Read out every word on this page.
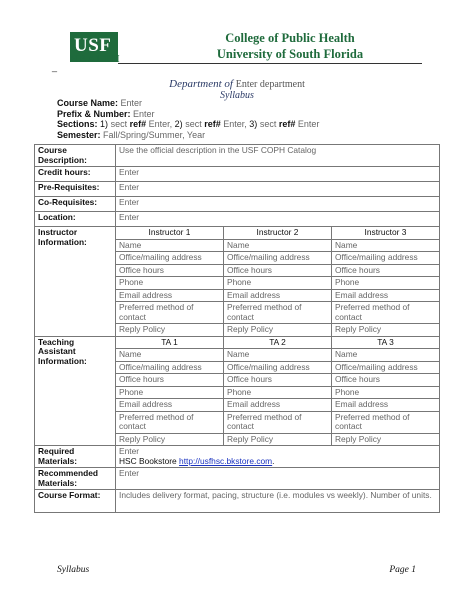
USF
HEALTH
_
College of Public Health
University of South Florida
Department of Enter department
Syllabus
Course Name: Enter
Prefix & Number: Enter
Sections: 1) sect ref# Enter, 2) sect ref# Enter, 3) sect ref# Enter
Semester: Fall/Spring/Summer, Year
Course Description:	Use the official description in the USF COPH Catalog		
Credit hours:	Enter		
Pre-Requisites:	Enter		
Co-Requisites:	Enter		
Location:	Enter		
Instructor Information:	Instructor 1	Instructor 2	Instructor 3
	Name	Name	Name
	Office/mailing address	Office/mailing address	Office/mailing address
	Office hours	Office hours	Office hours
	Phone	Phone	Phone
	Email address	Email address	Email address
	Preferred method of contact	Preferred method of contact	Preferred method of contact
	Reply Policy	Reply Policy	Reply Policy
Teaching Assistant Information:	TA 1	TA 2	TA 3
	Name	Name	Name
	Office/mailing address	Office/mailing address	Office/mailing address
	Office hours	Office hours	Office hours
	Phone	Phone	Phone
	Email address	Email address	Email address
	Preferred method of contact	Preferred method of contact	Preferred method of contact
	Reply Policy	Reply Policy	Reply Policy
Required Materials:	Enter
HSC Bookstore http://usfhsc.bkstore.com.		

Recommended Materials:	Enter		
Course Format:	Includes delivery format, pacing, structure (i.e. modules vs weekly). Number of units.		
Syllabus	Page 1
